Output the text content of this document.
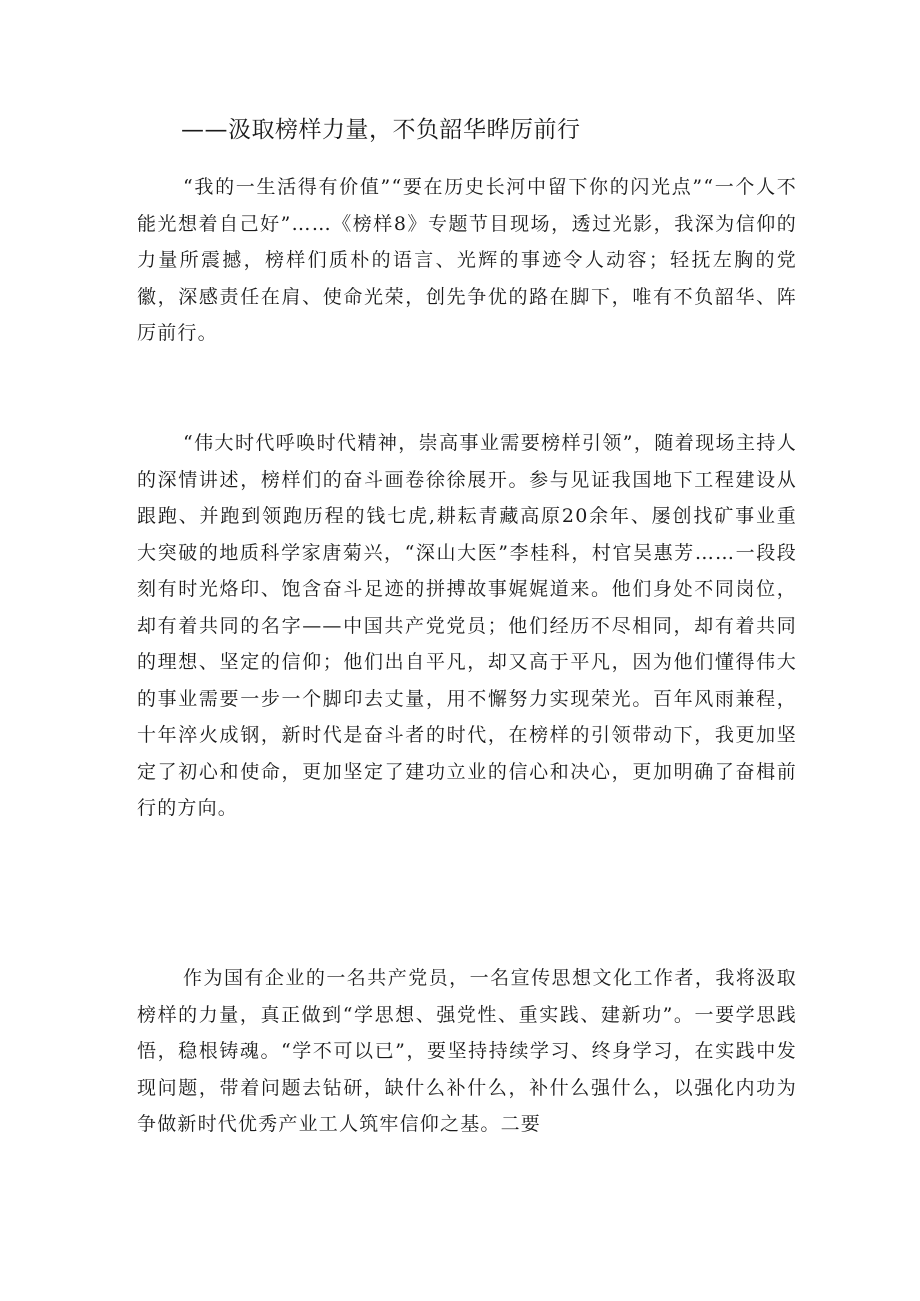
——汲取榜样力量，不负韶华晔厉前行

“我的一生活得有价值”“要在历史长河中留下你的闪光点”“一个人不能光想着自己好”……《榜样8》专题节目现场，透过光影，我深为信仰的力量所震撼，榜样们质朴的语言、光辉的事迹令人动容；轻抚左胸的党徽，深感责任在肩、使命光荣，创先争优的路在脚下，唯有不负韶华、阵厉前行。

“伟大时代呼唤时代精神，崇高事业需要榜样引领”，随着现场主持人的深情讲述，榜样们的奋斗画卷徐徐展开。参与见证我国地下工程建设从跟跑、并跑到领跑历程的钱七虎,耕耘青藏高原20余年、屡创找矿事业重大突破的地质科学家唐菊兴，“深山大医”李桂科，村官吴惠芳……一段段刻有时光烙印、饱含奋斗足迹的拼搏故事娓娓道来。他们身处不同岗位，却有着共同的名字——中国共产党党员；他们经历不尽相同，却有着共同的理想、坚定的信仰；他们出自平凡，却又高于平凡，因为他们懂得伟大的事业需要一步一个脚印去丈量，用不懈努力实现荣光。百年风雨兼程，十年淬火成钢，新时代是奋斗者的时代，在榜样的引领带动下，我更加坚定了初心和使命，更加坚定了建功立业的信心和决心，更加明确了奋楫前行的方向。

作为国有企业的一名共产党员，一名宣传思想文化工作者，我将汲取榜样的力量，真正做到“学思想、强党性、重实践、建新功”。一要学思践悟，稳根铸魂。“学不可以已”，要坚持持续学习、终身学习，在实践中发现问题，带着问题去钻研，缺什么补什么，补什么强什么，以强化内功为争做新时代优秀产业工人筑牢信仰之基。二要
